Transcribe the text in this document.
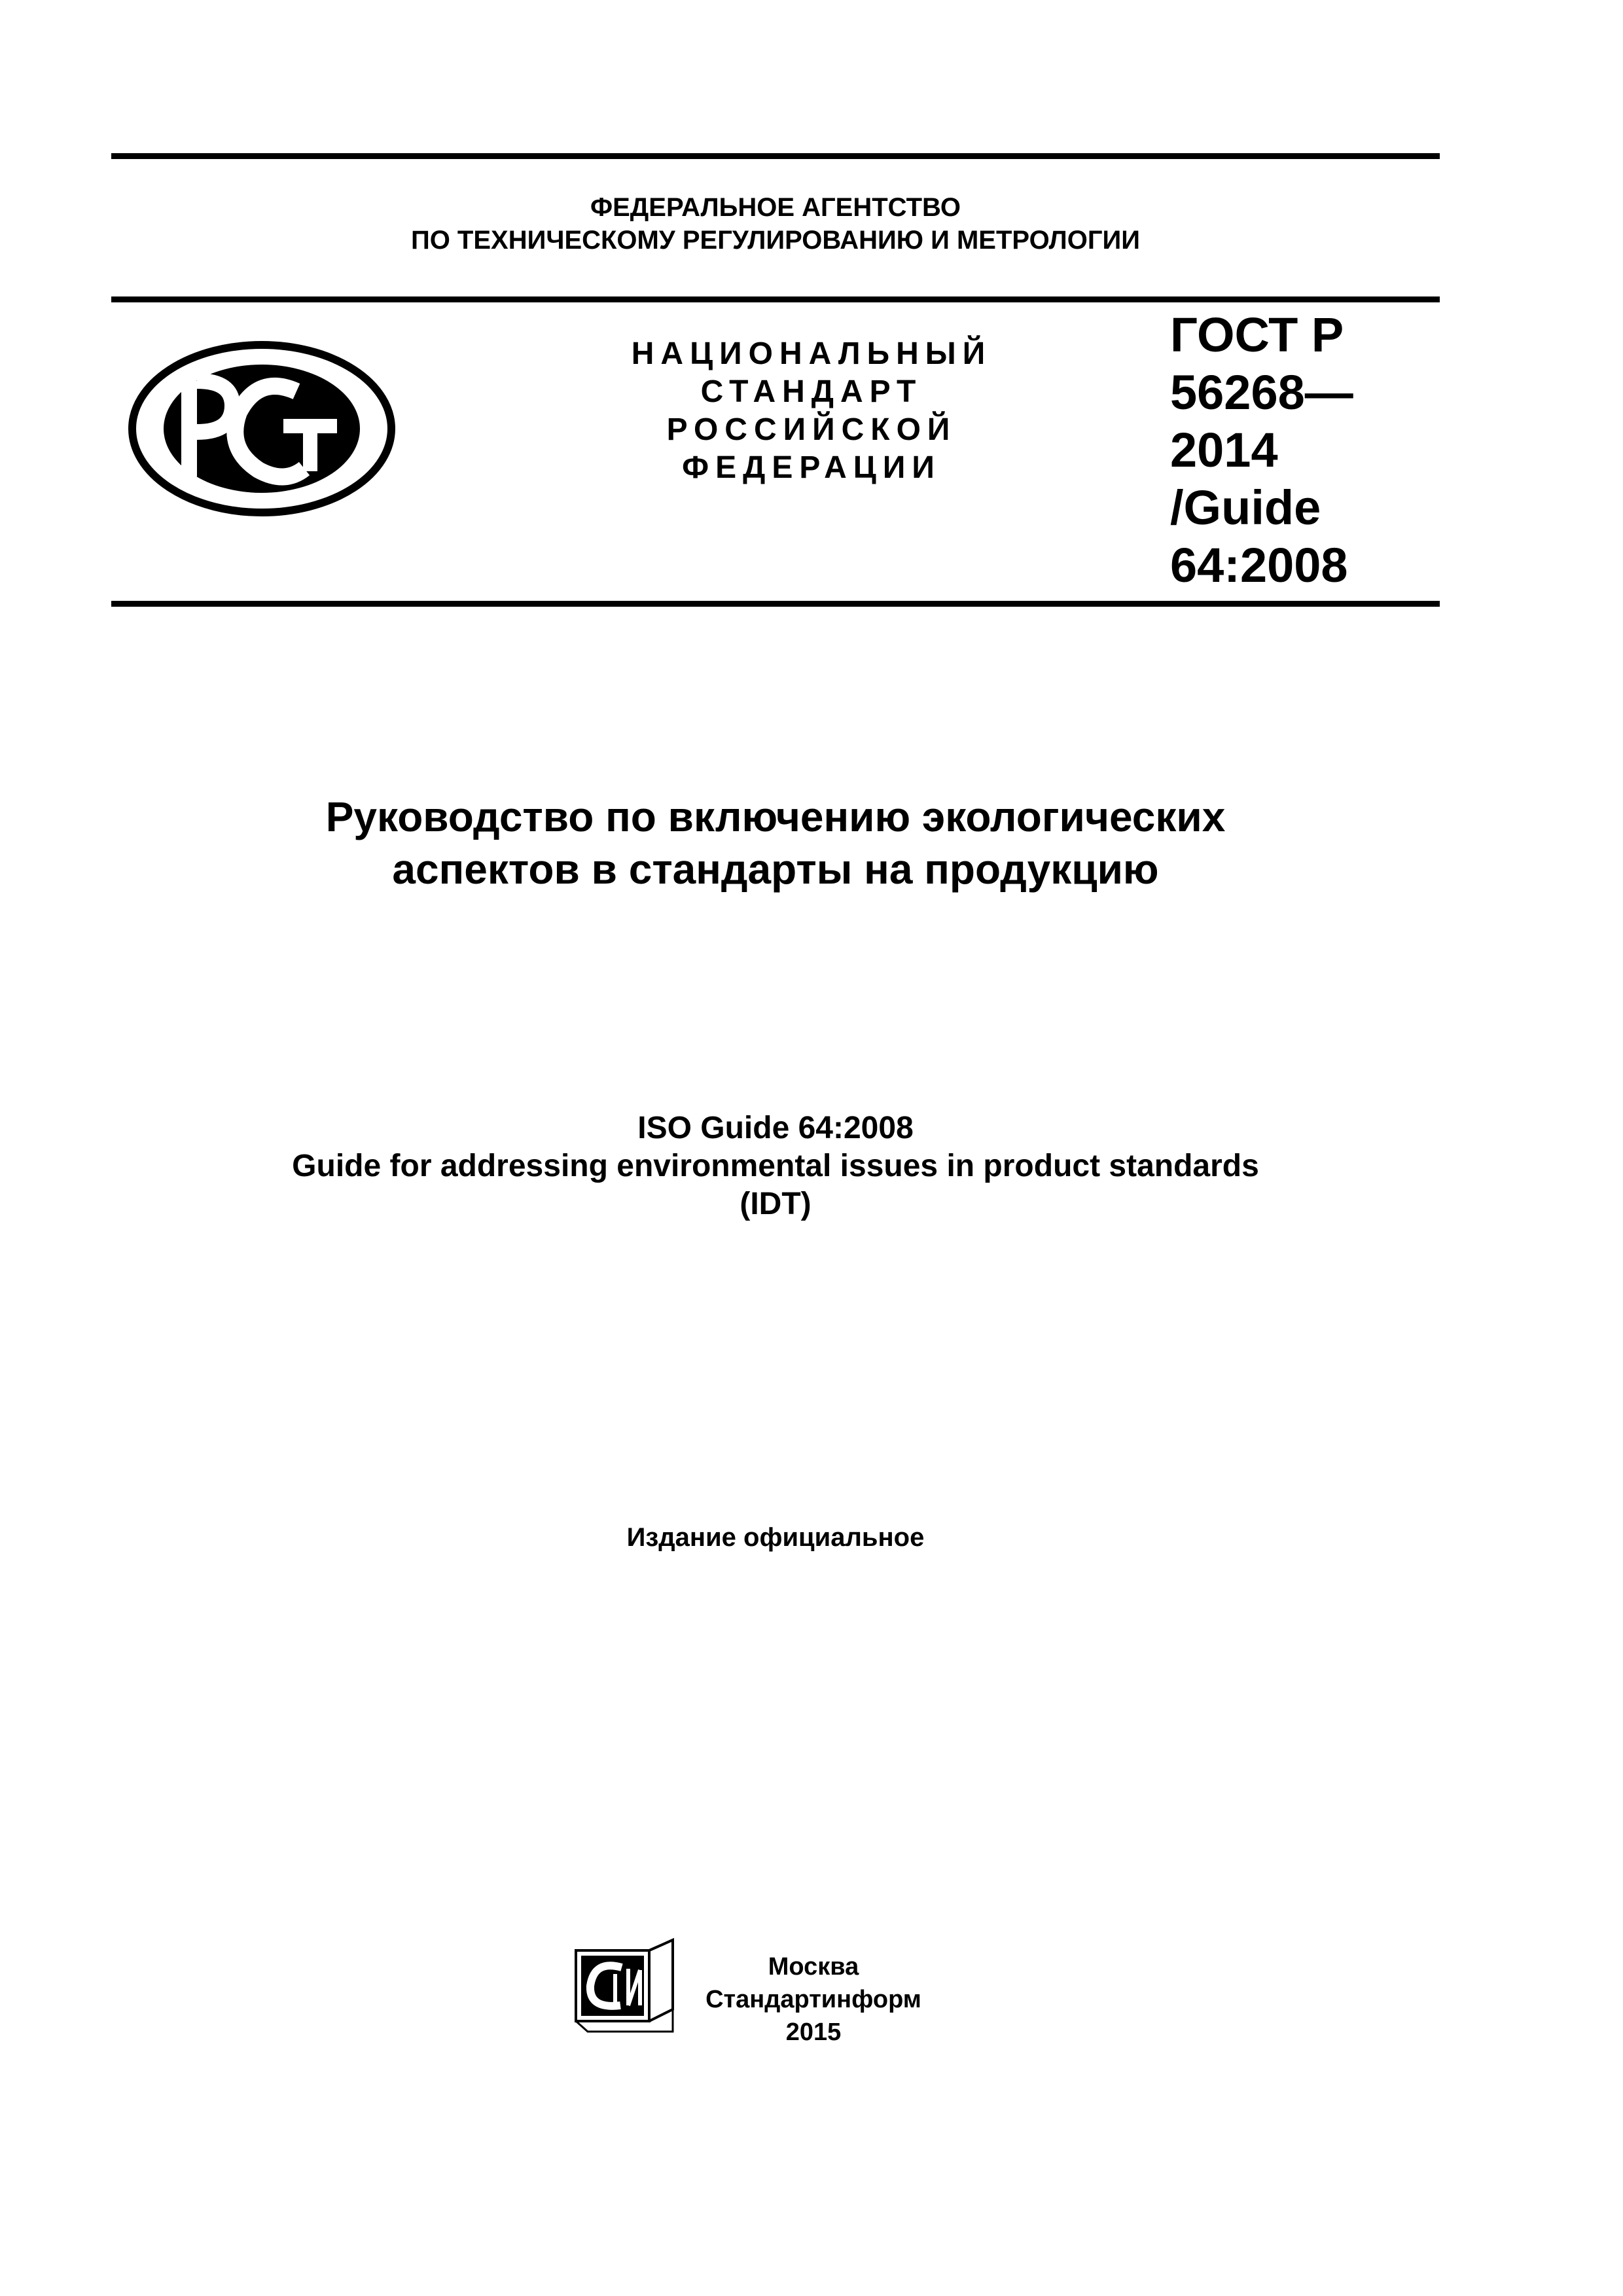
ФЕДЕРАЛЬНОЕ АГЕНТСТВО
ПО ТЕХНИЧЕСКОМУ РЕГУЛИРОВАНИЮ И МЕТРОЛОГИИ
НАЦИОНАЛЬНЫЙ
СТАНДАРТ
РОССИЙСКОЙ
ФЕДЕРАЦИИ
ГОСТ Р
56268—
2014
/Guide
64:2008
Руководство по включению экологических
аспектов в стандарты на продукцию
ISO Guide 64:2008
Guide for addressing environmental issues in product standards
(IDT)
Издание официальное
Москва
Стандартинформ
2015
